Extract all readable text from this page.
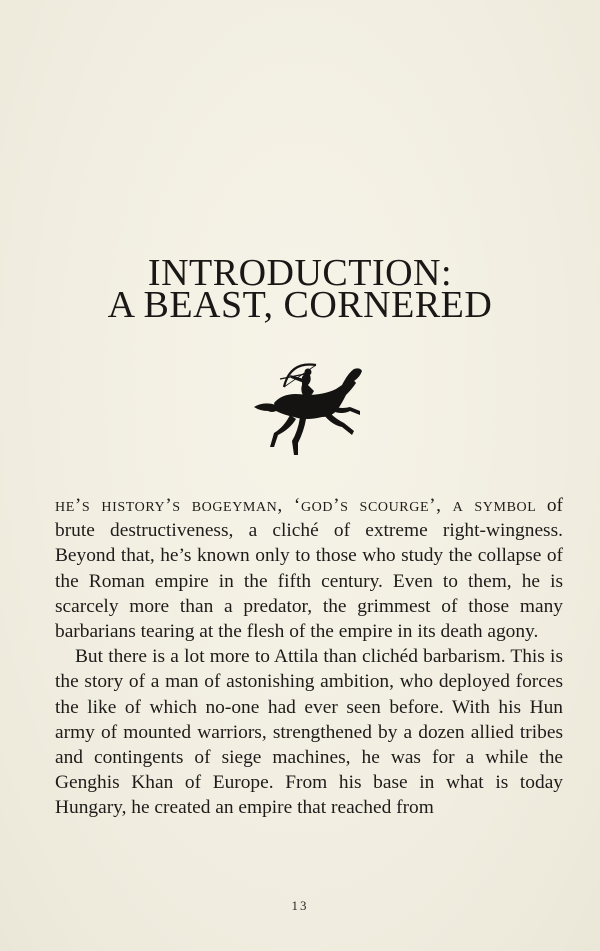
INTRODUCTION:
A BEAST, CORNERED

he’s history’s bogeyman, ‘god’s scourge’, a symbol of brute destructiveness, a cliché of extreme right-wingness. Beyond that, he’s known only to those who study the collapse of the Roman empire in the fifth century. Even to them, he is scarcely more than a predator, the grimmest of those many barbarians tearing at the flesh of the empire in its death agony.

But there is a lot more to Attila than clichéd barbarism. This is the story of a man of astonishing ambition, who deployed forces the like of which no-one had ever seen before. With his Hun army of mounted warriors, strengthened by a dozen allied tribes and contingents of siege machines, he was for a while the Genghis Khan of Europe. From his base in what is today Hungary, he created an empire that reached from

13
